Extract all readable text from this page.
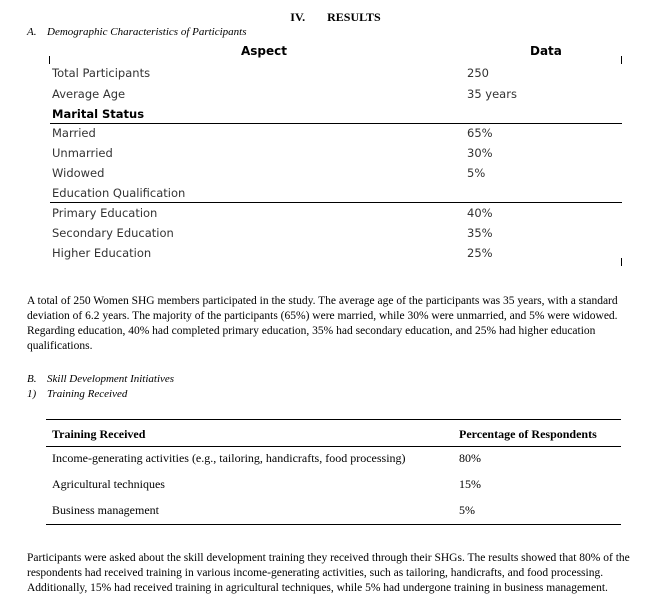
IV. RESULTS
A. Demographic Characteristics of Participants
Aspect	Data
Total Participants	250
Average Age	35 years
Marital Status
Married	65%
Unmarried	30%
Widowed	5%
Education Qualification
Primary Education	40%
Secondary Education	35%
Higher Education	25%
A total of 250 Women SHG members participated in the study. The average age of the participants was 35 years, with a standard
deviation of 6.2 years. The majority of the participants (65%) were married, while 30% were unmarried, and 5% were widowed.
Regarding education, 40% had completed primary education, 35% had secondary education, and 25% had higher education
qualifications.
B. Skill Development Initiatives
1) Training Received
Training Received	Percentage of Respondents
Income-generating activities (e.g., tailoring, handicrafts, food processing)	80%
Agricultural techniques	15%
Business management	5%
Participants were asked about the skill development training they received through their SHGs. The results showed that 80% of the
respondents had received training in various income-generating activities, such as tailoring, handicrafts, and food processing.
Additionally, 15% had received training in agricultural techniques, while 5% had undergone training in business management.
